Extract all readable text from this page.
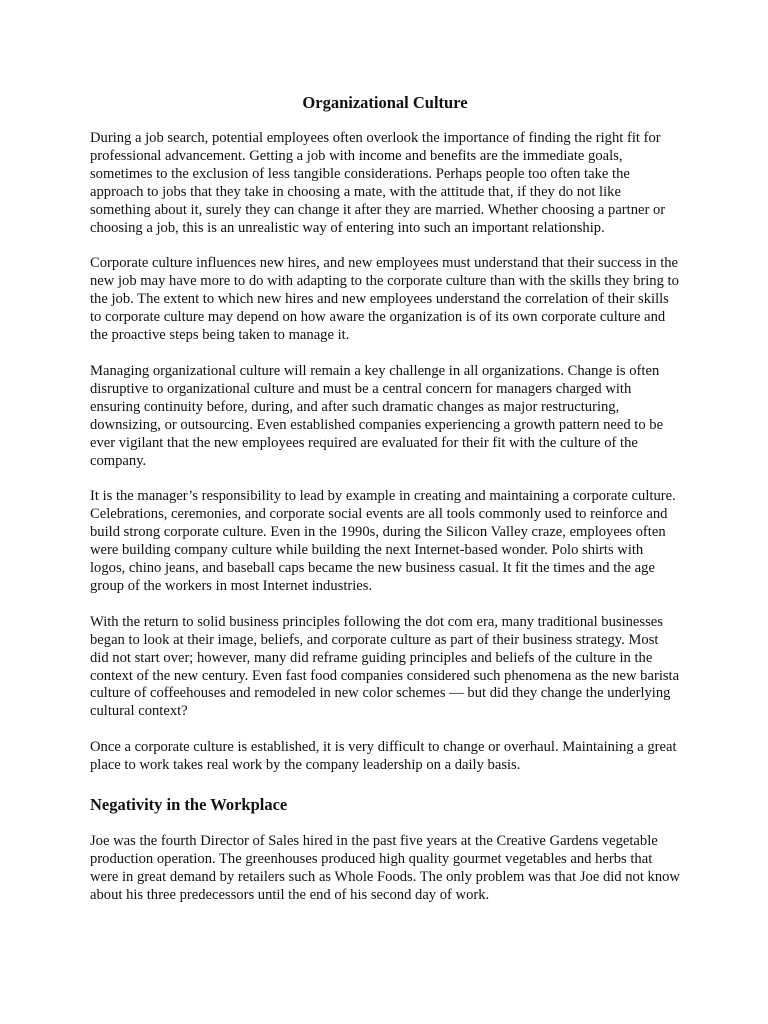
Organizational Culture

During a job search, potential employees often overlook the importance of finding the right fit for professional advancement. Getting a job with income and benefits are the immediate goals, sometimes to the exclusion of less tangible considerations. Perhaps people too often take the approach to jobs that they take in choosing a mate, with the attitude that, if they do not like something about it, surely they can change it after they are married. Whether choosing a partner or choosing a job, this is an unrealistic way of entering into such an important relationship.

Corporate culture influences new hires, and new employees must understand that their success in the new job may have more to do with adapting to the corporate culture than with the skills they bring to the job. The extent to which new hires and new employees understand the correlation of their skills to corporate culture may depend on how aware the organization is of its own corporate culture and the proactive steps being taken to manage it.

Managing organizational culture will remain a key challenge in all organizations. Change is often disruptive to organizational culture and must be a central concern for managers charged with ensuring continuity before, during, and after such dramatic changes as major restructuring, downsizing, or outsourcing. Even established companies experiencing a growth pattern need to be ever vigilant that the new employees required are evaluated for their fit with the culture of the company.

It is the manager’s responsibility to lead by example in creating and maintaining a corporate culture. Celebrations, ceremonies, and corporate social events are all tools commonly used to reinforce and build strong corporate culture. Even in the 1990s, during the Silicon Valley craze, employees often were building company culture while building the next Internet-based wonder. Polo shirts with logos, chino jeans, and baseball caps became the new business casual. It fit the times and the age group of the workers in most Internet industries.

With the return to solid business principles following the dot com era, many traditional businesses began to look at their image, beliefs, and corporate culture as part of their business strategy. Most did not start over; however, many did reframe guiding principles and beliefs of the culture in the context of the new century. Even fast food companies considered such phenomena as the new barista culture of coffeehouses and remodeled in new color schemes — but did they change the underlying cultural context?

Once a corporate culture is established, it is very difficult to change or overhaul. Maintaining a great place to work takes real work by the company leadership on a daily basis.

Negativity in the Workplace

Joe was the fourth Director of Sales hired in the past five years at the Creative Gardens vegetable production operation. The greenhouses produced high quality gourmet vegetables and herbs that were in great demand by retailers such as Whole Foods. The only problem was that Joe did not know about his three predecessors until the end of his second day of work.
